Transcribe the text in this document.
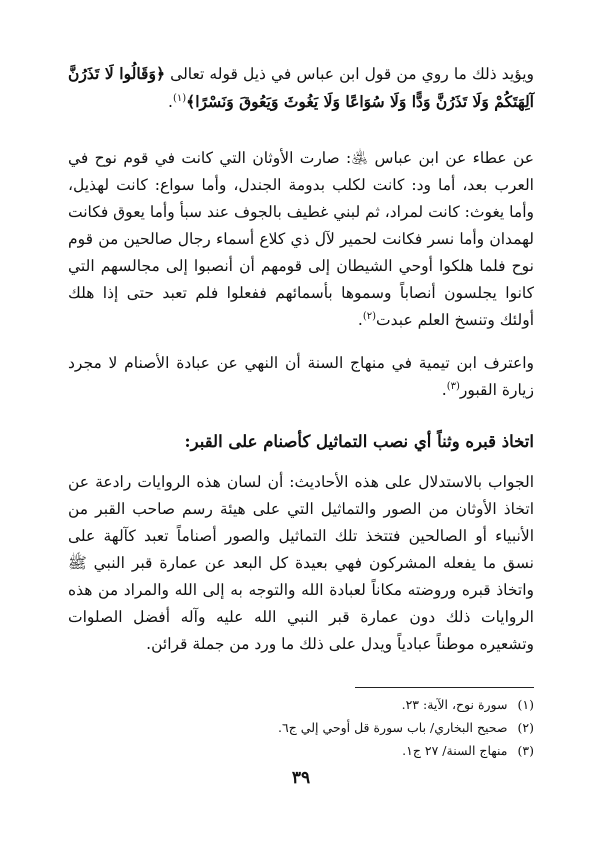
ويؤيد ذلك ما روي من قول ابن عباس في ذيل قوله تعالى ﴿وَقَالُوا لَا تَذَرُنَّ آلِهَتَكُمْ وَلَا تَذَرُنَّ وَدًّا وَلَا سُوَاعًا وَلَا يَغُوثَ وَيَعُوقَ وَنَسْرًا﴾$^{(١)}$.

عن عطاء عن ابن عباس ﵁: صارت الأوثان التي كانت في قوم نوح في العرب بعد، أما ود: كانت لكلب بدومة الجندل، وأما سواع: كانت لهذيل، وأما يغوث: كانت لمراد، ثم لبني غطيف بالجوف عند سبأ وأما يعوق فكانت لهمدان وأما نسر فكانت لحمير لآل ذي كلاع أسماء رجال صالحين من قوم نوح فلما هلكوا أوحي الشيطان إلى قومهم أن أنصبوا إلى مجالسهم التي كانوا يجلسون أنصاباً وسموها بأسمائهم ففعلوا فلم تعبد حتى إذا هلك أولئك وتنسخ العلم عبدت$^{(٢)}$.

واعترف ابن تيمية في منهاج السنة أن النهي عن عبادة الأصنام لا مجرد زيارة القبور$^{(٣)}$.

اتخاذ قبره وثناً أي نصب التماثيل كأصنام على القبر:

الجواب بالاستدلال على هذه الأحاديث: أن لسان هذه الروايات رادعة عن اتخاذ الأوثان من الصور والتماثيل التي على هيئة رسم صاحب القبر من الأنبياء أو الصالحين فتتخذ تلك التماثيل والصور أصناماً تعبد كآلهة على نسق ما يفعله المشركون فهي بعيدة كل البعد عن عمارة قبر النبي ﷺ واتخاذ قبره وروضته مكاناً لعبادة الله والتوجه به إلى الله والمراد من هذه الروايات ذلك دون عمارة قبر النبي الله عليه وآله أفضل الصلوات وتشعيره موطناً عبادياً ويدل على ذلك ما ورد من جملة قرائن.

(١)سورة نوح، الآية: ٢٣.
(٢)صحيح البخاري/ باب سورة قل أوحي إلي ج٦.
(٣)منهاج السنة/ ٢٧ ج١.
٣٩
